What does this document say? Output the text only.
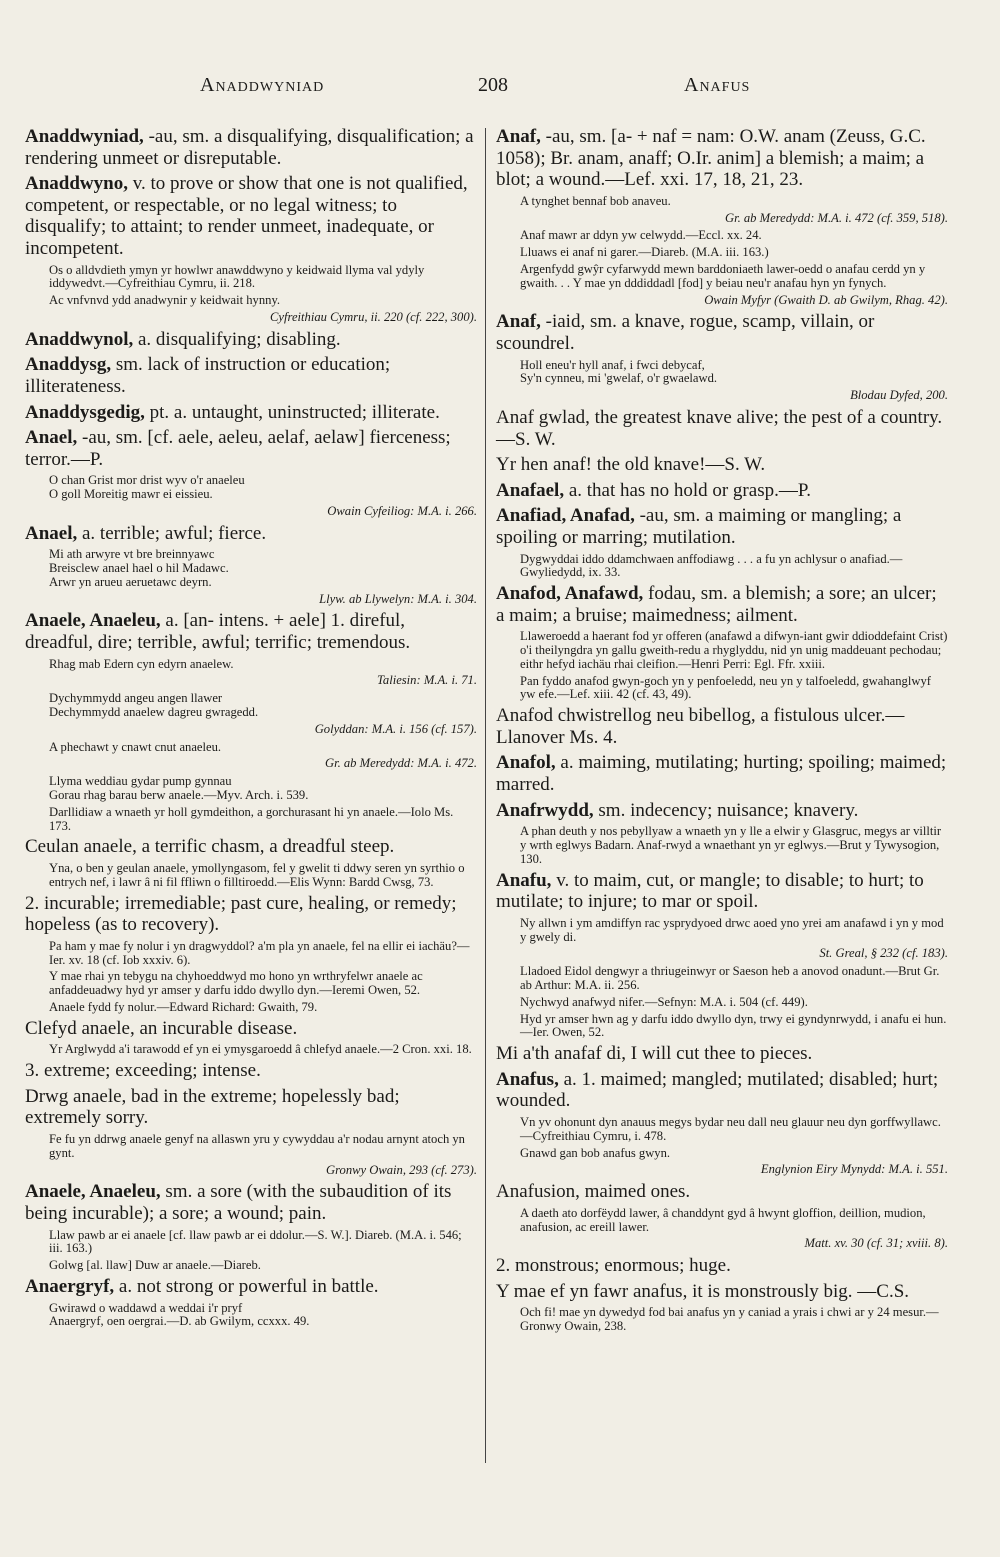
Anaddwyniad	208	Anafus
Anaddwyniad, -au, sm. a disqualifying, disqualification; a rendering unmeet or disreputable.
Anaddwyno, v. to prove or show that one is not qualified, competent, or respectable, or no legal witness; to disqualify; to attaint; to render unmeet, inadequate, or incompetent.
Os o alldvdieth ymyn yr howlwr anawddwyno y keidwaid llyma val ydyly iddywedvt.—Cyfreithiau Cymru, ii. 218.
Ac vnfvnvd ydd anadwynir y keidwait hynny.
Cyfreithiau Cymru, ii. 220 (cf. 222, 300).
Anaddwynol, a. disqualifying; disabling.
Anaddysg, sm. lack of instruction or education; illiterateness.
Anaddysgedig, pt. a. untaught, uninstructed; illiterate.
Anael, -au, sm. [cf. aele, aeleu, aelaf, aelaw] fierceness; terror.—P.
O chan Grist mor drist wyv o'r anaeleu
O goll Moreitig mawr ei eissieu.
Owain Cyfeiliog: M.A. i. 266.
Anael, a. terrible; awful; fierce.
Mi ath arwyre vt bre breinnyawc
Breisclew anael hael o hil Madawc.
Arwr yn arueu aeruetawc deyrn.
Llyw. ab Llywelyn: M.A. i. 304.
Anaele, Anaeleu, a. [an- intens. + aele] 1. direful, dreadful, dire; terrible, awful; terrific; tremendous.
Rhag mab Edern cyn edyrn anaelew.
Taliesin: M.A. i. 71.
Dychymmydd angeu angen llawer
Dechymmydd anaelew dagreu gwragedd.
Golyddan: M.A. i. 156 (cf. 157).
A phechawt y cnawt cnut anaeleu.
Gr. ab Meredydd: M.A. i. 472.
Llyma weddiau gydar pump gynnau
Gorau rhag barau berw anaele.—Myv. Arch. i. 539.
Darllidiaw a wnaeth yr holl gymdeithon, a gorchurasant hi yn anaele.—Iolo Ms. 173.
Ceulan anaele, a terrific chasm, a dreadful steep.
Yna, o ben y geulan anaele, ymollyngasom, fel y gwelit ti ddwy seren yn syrthio o entrych nef, i lawr â ni fil ffliwn o filltiroedd.—Elis Wynn: Bardd Cwsg, 73.
2. incurable; irremediable; past cure, healing, or remedy; hopeless (as to recovery).
Pa ham y mae fy nolur i yn dragwyddol? a'm pla yn anaele, fel na ellir ei iachäu?—Ier. xv. 18 (cf. Iob xxxiv. 6).
Y mae rhai yn tebygu na chyhoeddwyd mo hono yn wrthryfelwr anaele ac anfaddeuadwy hyd yr amser y darfu iddo dwyllo dyn.—Ieremi Owen, 52.
Anaele fydd fy nolur.—Edward Richard: Gwaith, 79.
Clefyd anaele, an incurable disease.
Yr Arglwydd a'i tarawodd ef yn ei ymysgaroedd â chlefyd anaele.—2 Cron. xxi. 18.
3. extreme; exceeding; intense.
Drwg anaele, bad in the extreme; hopelessly bad; extremely sorry.
Fe fu yn ddrwg anaele genyf na allaswn yru y cywyddau a'r nodau arnynt atoch yn gynt.
Gronwy Owain, 293 (cf. 273).
Anaele, Anaeleu, sm. a sore (with the subaudition of its being incurable); a sore; a wound; pain.
Llaw pawb ar ei anaele [cf. llaw pawb ar ei ddolur.—S. W.]. Diareb. (M.A. i. 546; iii. 163.)
Golwg [al. llaw] Duw ar anaele.—Diareb.
Anaergryf, a. not strong or powerful in battle.
Gwirawd o waddawd a weddai i'r pryf
Anaergryf, oen oergrai.—D. ab Gwilym, ccxxx. 49.
Anaf, -au, sm. [a- + naf = nam: O.W. anam (Zeuss, G.C. 1058); Br. anam, anaff; O.Ir. anim] a blemish; a maim; a blot; a wound.—Lef. xxi. 17, 18, 21, 23.
A tynghet bennaf bob anaveu.
Gr. ab Meredydd: M.A. i. 472 (cf. 359, 518).
Anaf mawr ar ddyn yw celwydd.—Eccl. xx. 24.
Lluaws ei anaf ni garer.—Diareb. (M.A. iii. 163.)
Argenfydd gwŷr cyfarwydd mewn barddoniaeth lawer-oedd o anafau cerdd yn y gwaith. . . Y mae yn dddiddadl [fod] y beiau neu'r anafau hyn yn fynych.
Owain Myfyr (Gwaith D. ab Gwilym, Rhag. 42).
Anaf, -iaid, sm. a knave, rogue, scamp, villain, or scoundrel.
Holl eneu'r hyll anaf, i fwci debycaf,
Sy'n cynneu, mi 'gwelaf, o'r gwaelawd.
Blodau Dyfed, 200.
Anaf gwlad, the greatest knave alive; the pest of a country.—S. W.
Yr hen anaf! the old knave!—S. W.
Anafael, a. that has no hold or grasp.—P.
Anafiad, Anafad, -au, sm. a maiming or mangling; a spoiling or marring; mutilation.
Dygwyddai iddo ddamchwaen anffodiawg . . . a fu yn achlysur o anafiad.—Gwyliedydd, ix. 33.
Anafod, Anafawd, fodau, sm. a blemish; a sore; an ulcer; a maim; a bruise; maimedness; ailment.
Llaweroedd a haerant fod yr offeren (anafawd a difwyn-iant gwir ddioddefaint Crist) o'i theilyngdra yn gallu gweith-redu a rhyglyddu, nid yn unig maddeuant pechodau; eithr hefyd iachäu rhai cleifion.—Henri Perri: Egl. Ffr. xxiii.
Pan fyddo anafod gwyn-goch yn y penfoeledd, neu yn y talfoeledd, gwahanglwyf yw efe.—Lef. xiii. 42 (cf. 43, 49).
Anafod chwistrellog neu bibellog, a fistulous ulcer.—Llanover Ms. 4.
Anafol, a. maiming, mutilating; hurting; spoiling; maimed; marred.
Anafrwydd, sm. indecency; nuisance; knavery.
A phan deuth y nos pebyllyaw a wnaeth yn y lle a elwir y Glasgruc, megys ar villtir y wrth eglwys Badarn. Anaf-rwyd a wnaethant yn yr eglwys.—Brut y Tywysogion, 130.
Anafu, v. to maim, cut, or mangle; to disable; to hurt; to mutilate; to injure; to mar or spoil.
Ny allwn i ym amdiffyn rac ysprydyoed drwc aoed yno yrei am anafawd i yn y mod y gwely di.
St. Greal, § 232 (cf. 183).
Lladoed Eidol dengwyr a thriugeinwyr or Saeson heb a anovod onadunt.—Brut Gr. ab Arthur: M.A. ii. 256.
Nychwyd anafwyd nifer.—Sefnyn: M.A. i. 504 (cf. 449).
Hyd yr amser hwn ag y darfu iddo dwyllo dyn, trwy ei gyndynrwydd, i anafu ei hun.—Ier. Owen, 52.
Mi a'th anafaf di, I will cut thee to pieces.
Anafus, a. 1. maimed; mangled; mutilated; disabled; hurt; wounded.
Vn yv ohonunt dyn anauus megys bydar neu dall neu glauur neu dyn gorffwyllawc.—Cyfreithiau Cymru, i. 478.
Gnawd gan bob anafus gwyn.
Englynion Eiry Mynydd: M.A. i. 551.
Anafusion, maimed ones.
A daeth ato dorfëydd lawer, â chanddynt gyd â hwynt gloffion, deillion, mudion, anafusion, ac ereill lawer.
Matt. xv. 30 (cf. 31; xviii. 8).
2. monstrous; enormous; huge.
Y mae ef yn fawr anafus, it is monstrously big. —C.S.
Och fi! mae yn dywedyd fod bai anafus yn y caniad a yrais i chwi ar y 24 mesur.—Gronwy Owain, 238.
